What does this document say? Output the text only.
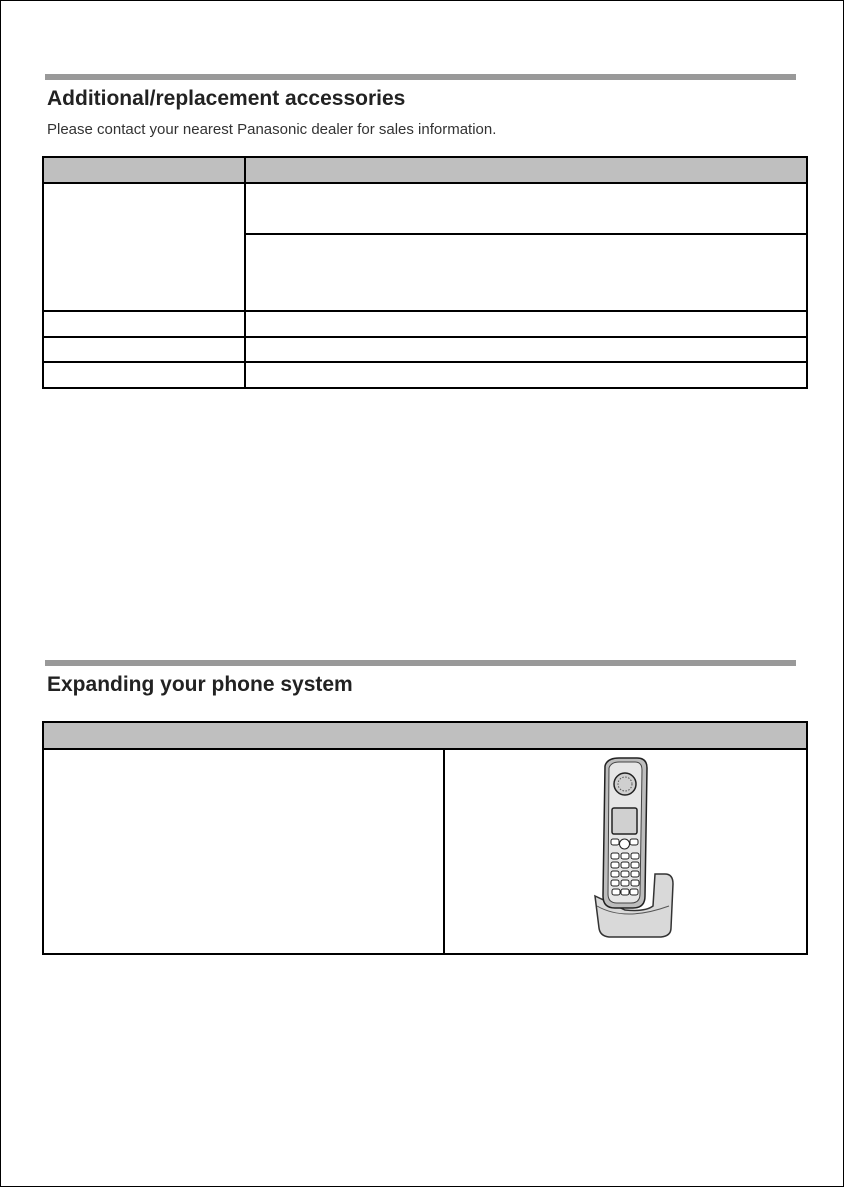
Additional/replacement accessories

Please contact your nearest Panasonic dealer for sales information.

Expanding your phone system
